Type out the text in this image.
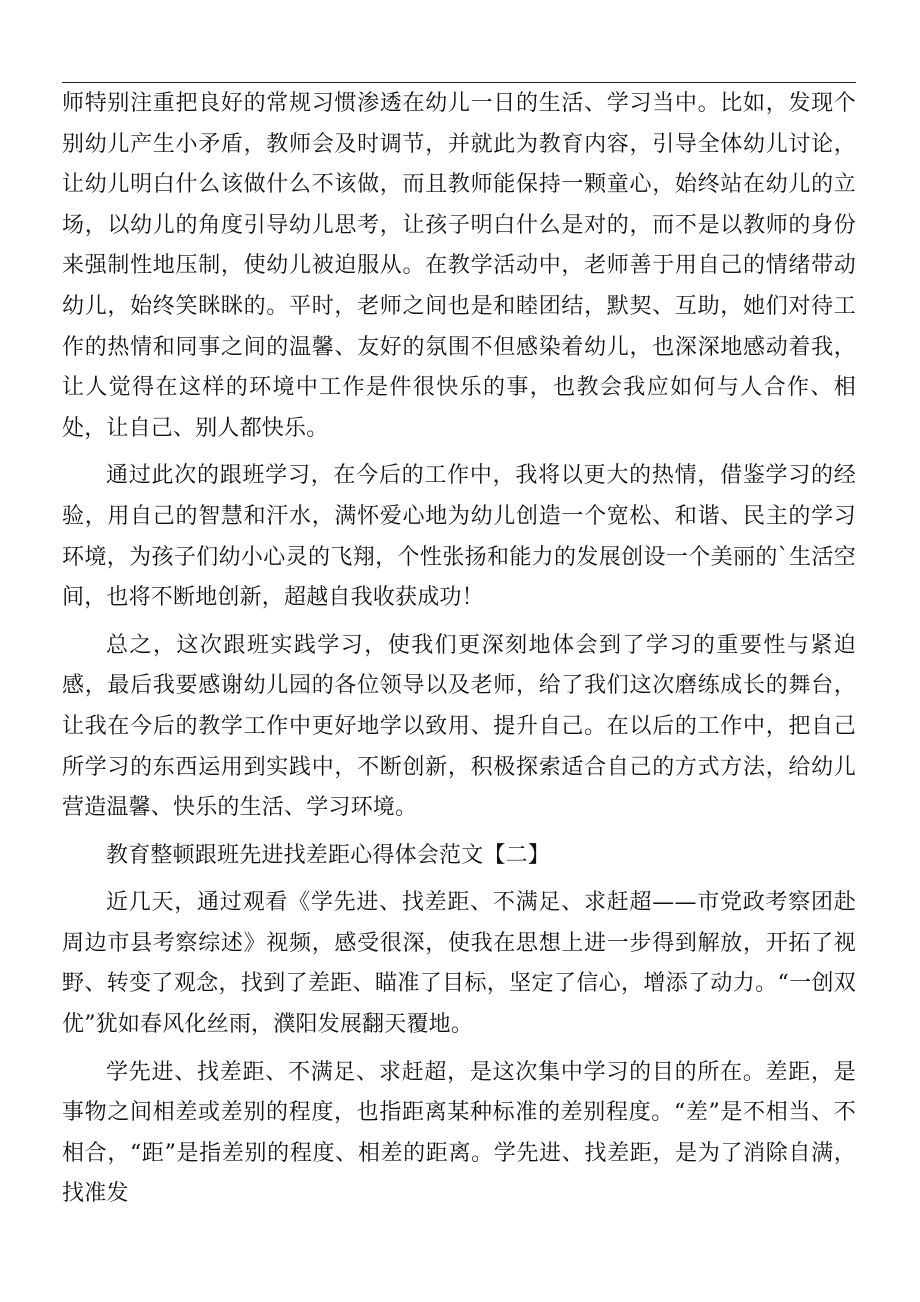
师特别注重把良好的常规习惯渗透在幼儿一日的生活、学习当中。比如，发现个别幼儿产生小矛盾，教师会及时调节，并就此为教育内容，引导全体幼儿讨论，让幼儿明白什么该做什么不该做，而且教师能保持一颗童心，始终站在幼儿的立场，以幼儿的角度引导幼儿思考，让孩子明白什么是对的，而不是以教师的身份来强制性地压制，使幼儿被迫服从。在教学活动中，老师善于用自己的情绪带动幼儿，始终笑眯眯的。平时，老师之间也是和睦团结，默契、互助，她们对待工作的热情和同事之间的温馨、友好的氛围不但感染着幼儿，也深深地感动着我，让人觉得在这样的环境中工作是件很快乐的事，也教会我应如何与人合作、相处，让自己、别人都快乐。

通过此次的跟班学习，在今后的工作中，我将以更大的热情，借鉴学习的经验，用自己的智慧和汗水，满怀爱心地为幼儿创造一个宽松、和谐、民主的学习环境，为孩子们幼小心灵的飞翔，个性张扬和能力的发展创设一个美丽的`生活空间，也将不断地创新，超越自我收获成功！

总之，这次跟班实践学习，使我们更深刻地体会到了学习的重要性与紧迫感，最后我要感谢幼儿园的各位领导以及老师，给了我们这次磨练成长的舞台，让我在今后的教学工作中更好地学以致用、提升自己。在以后的工作中，把自己所学习的东西运用到实践中，不断创新，积极探索适合自己的方式方法，给幼儿营造温馨、快乐的生活、学习环境。

教育整顿跟班先进找差距心得体会范文【二】

近几天，通过观看《学先进、找差距、不满足、求赶超——市党政考察团赴周边市县考察综述》视频，感受很深，使我在思想上进一步得到解放，开拓了视野、转变了观念，找到了差距、瞄准了目标，坚定了信心，增添了动力。“一创双优”犹如春风化丝雨，濮阳发展翻天覆地。

学先进、找差距、不满足、求赶超，是这次集中学习的目的所在。差距，是事物之间相差或差别的程度，也指距离某种标准的差别程度。“差”是不相当、不相合，“距”是指差别的程度、相差的距离。学先进、找差距，是为了消除自满，找准发
